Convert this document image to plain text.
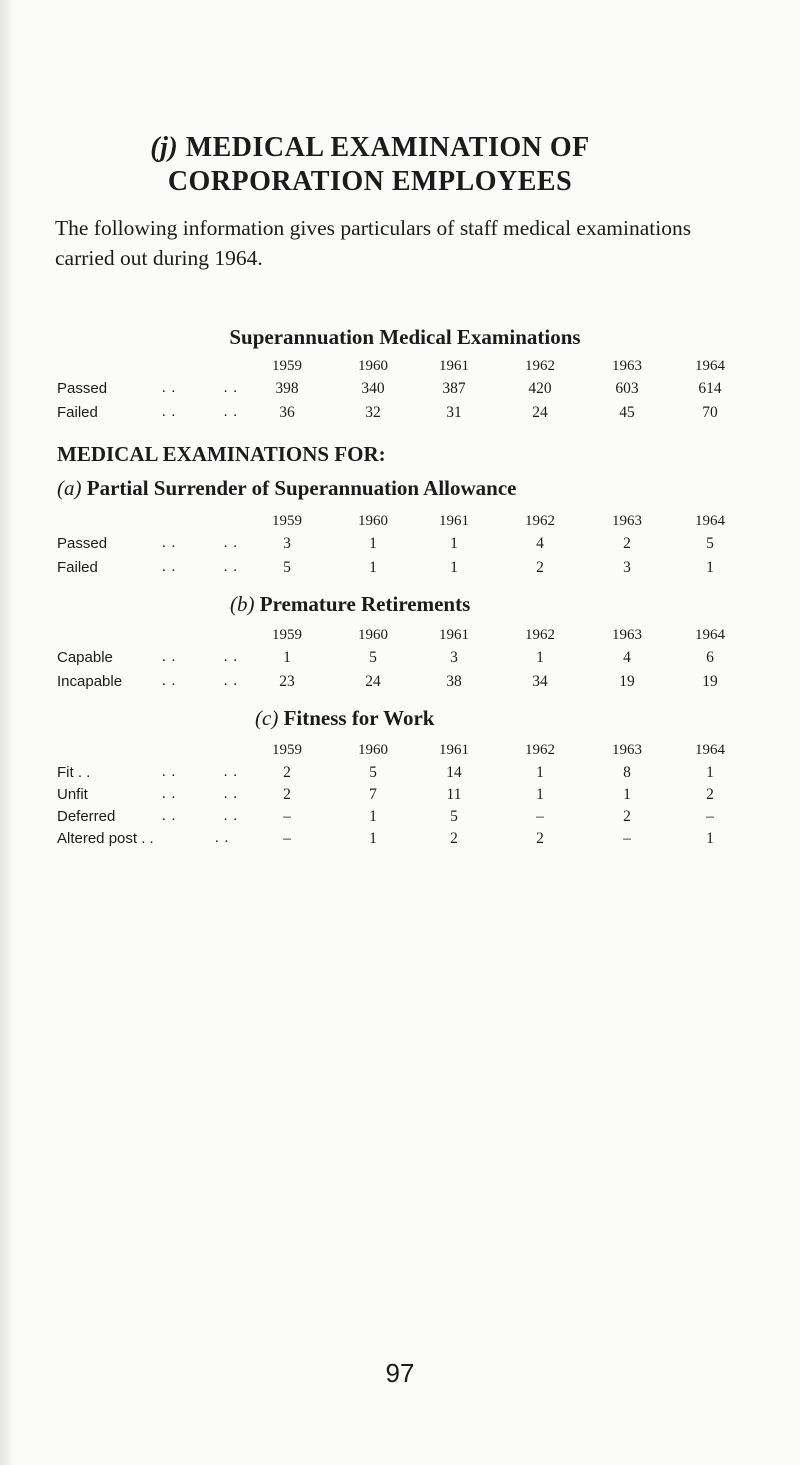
(j) MEDICAL EXAMINATION OF
CORPORATION EMPLOYEES
The following information gives particulars of staff medical examinations carried out during 1964.
Superannuation Medical Examinations
1959	1960	1961	1962	1963	1964
Passed	. .          . .	398	340	387	420	603	614
Failed	. .          . .	36	32	31	24	45	70
MEDICAL EXAMINATIONS FOR:
(a) Partial Surrender of Superannuation Allowance
1959	1960	1961	1962	1963	1964
Passed	. .          . .	3	1	1	4	2	5
Failed	. .          . .	5	1	1	2	3	1
(b) Premature Retirements
1959	1960	1961	1962	1963	1964
Capable	. .          . .	1	5	3	1	4	6
Incapable	. .          . .	23	24	38	34	19	19
(c) Fitness for Work
1959	1960	1961	1962	1963	1964
Fit . .	. .          . .	2	5	14	1	8	1
Unfit	. .          . .	2	7	11	1	1	2
Deferred	. .          . .	–	1	5	–	2	–
Altered post . .	. .	–	1	2	2	–	1
97
